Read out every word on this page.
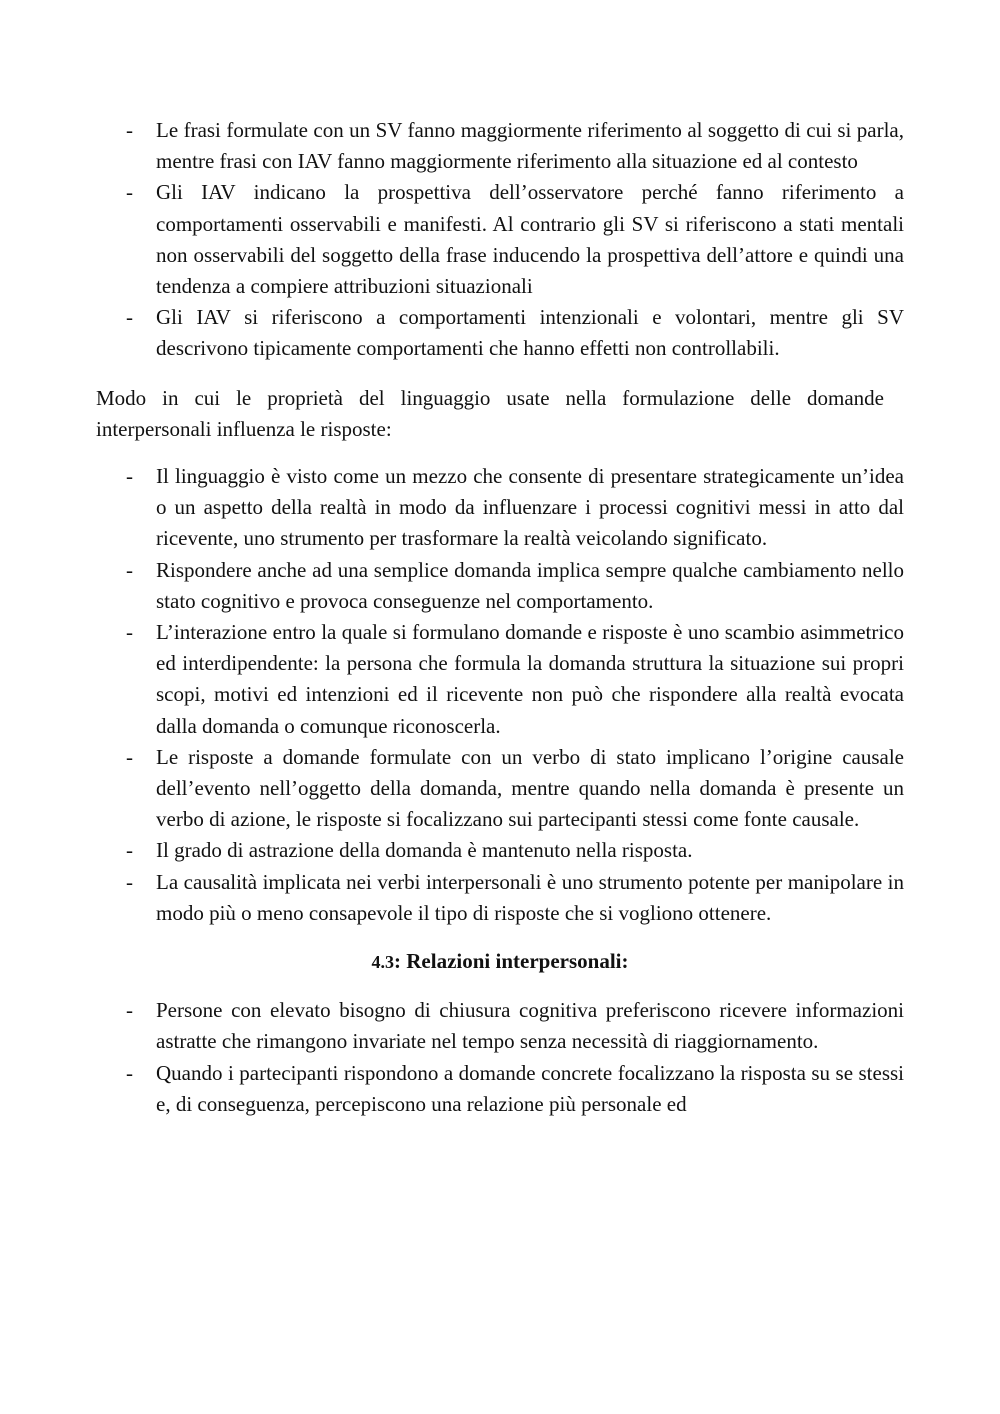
- Le frasi formulate con un SV fanno maggiormente riferimento al soggetto di cui si parla, mentre frasi con IAV fanno maggiormente riferimento alla situazione ed al contesto
- Gli IAV indicano la prospettiva dell’osservatore perché fanno riferimento a comportamenti osservabili e manifesti. Al contrario gli SV si riferiscono a stati mentali non osservabili del soggetto della frase inducendo la prospettiva dell’attore e quindi una tendenza a compiere attribuzioni situazionali
- Gli IAV si riferiscono a comportamenti intenzionali e volontari, mentre gli SV descrivono tipicamente comportamenti che hanno effetti non controllabili.

Modo in cui le proprietà del linguaggio usate nella formulazione delle domande interpersonali influenza le risposte:

- Il linguaggio è visto come un mezzo che consente di presentare strategicamente un’idea o un aspetto della realtà in modo da influenzare i processi cognitivi messi in atto dal ricevente, uno strumento per trasformare la realtà veicolando significato.
- Rispondere anche ad una semplice domanda implica sempre qualche cambiamento nello stato cognitivo e provoca conseguenze nel comportamento.
- L’interazione entro la quale si formulano domande e risposte è uno scambio asimmetrico ed interdipendente: la persona che formula la domanda struttura la situazione sui propri scopi, motivi ed intenzioni ed il ricevente non può che rispondere alla realtà evocata dalla domanda o comunque riconoscerla.
- Le risposte a domande formulate con un verbo di stato implicano l’origine causale dell’evento nell’oggetto della domanda, mentre quando nella domanda è presente un verbo di azione, le risposte si focalizzano sui partecipanti stessi come fonte causale.
- Il grado di astrazione della domanda è mantenuto nella risposta.
- La causalità implicata nei verbi interpersonali è uno strumento potente per manipolare in modo più o meno consapevole il tipo di risposte che si vogliono ottenere.
4.3: Relazioni interpersonali:
- Persone con elevato bisogno di chiusura cognitiva preferiscono ricevere informazioni astratte che rimangono invariate nel tempo senza necessità di riaggiornamento.
- Quando i partecipanti rispondono a domande concrete focalizzano la risposta su se stessi e, di conseguenza, percepiscono una relazione più personale ed
